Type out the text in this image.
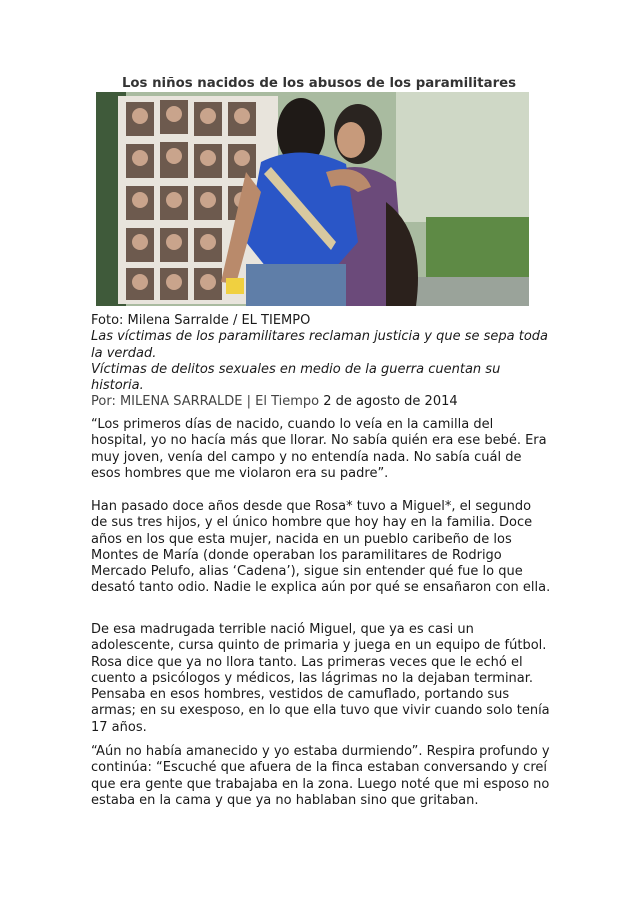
Los niños nacidos de los abusos de los paramilitares
Foto: Milena Sarralde / EL TIEMPO
Las víctimas de los paramilitares reclaman justicia y que se sepa toda
la verdad.
Víctimas de delitos sexuales en medio de la guerra cuentan su
historia.
Por: MILENA SARRALDE | El Tiempo 2 de agosto de 2014

“Los primeros días de nacido, cuando lo veía en la camilla del hospital, yo no hacía más que llorar. No sabía quién era ese bebé. Era muy joven, venía del campo y no entendía nada. No sabía cuál de esos hombres que me violaron era su padre”.

Han pasado doce años desde que Rosa* tuvo a Miguel*, el segundo de sus tres hijos, y el único hombre que hoy hay en la familia. Doce años en los que esta mujer, nacida en un pueblo caribeño de los Montes de María (donde operaban los paramilitares de Rodrigo Mercado Pelufo, alias ‘Cadena’), sigue sin entender qué fue lo que desató tanto odio. Nadie le explica aún por qué se ensañaron con ella.

De esa madrugada terrible nació Miguel, que ya es casi un adolescente, cursa quinto de primaria y juega en un equipo de fútbol. Rosa dice que ya no llora tanto. Las primeras veces que le echó el cuento a psicólogos y médicos, las lágrimas no la dejaban terminar. Pensaba en esos hombres, vestidos de camuflado, portando sus armas; en su exesposo, en lo que ella tuvo que vivir cuando solo tenía 17 años.

“Aún no había amanecido y yo estaba durmiendo”. Respira profundo y continúa: “Escuché que afuera de la finca estaban conversando y creí que era gente que trabajaba en la zona. Luego noté que mi esposo no estaba en la cama y que ya no hablaban sino que gritaban.
